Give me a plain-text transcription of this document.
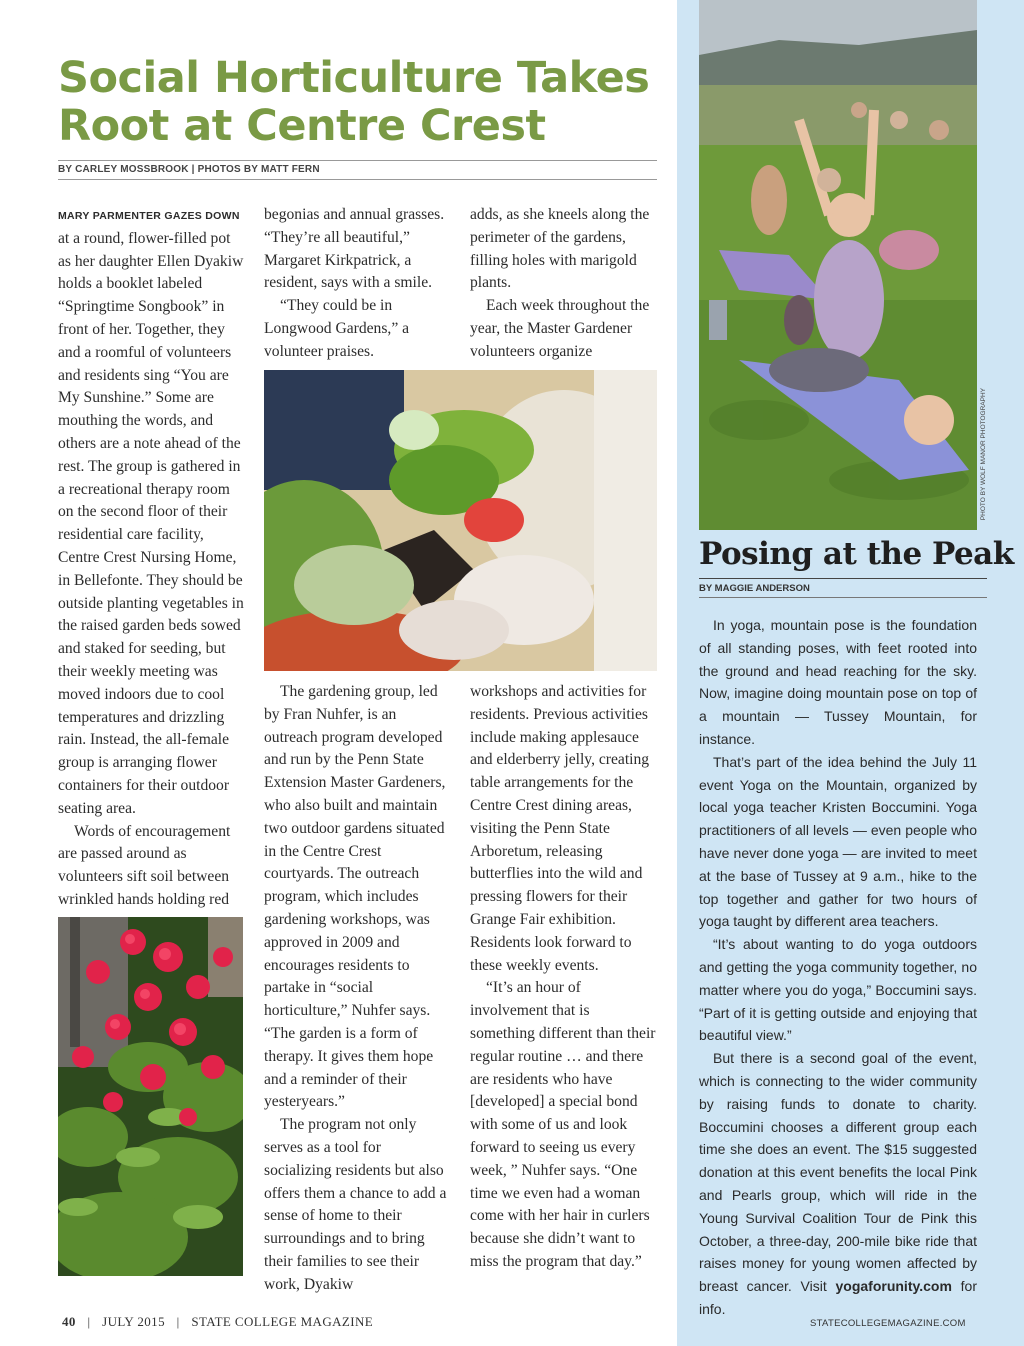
Social Horticulture Takes
Root at Centre Crest
BY CARLEY MOSSBROOK | PHOTOS BY MATT FERN

MARY PARMENTER GAZES DOWN
at a round, flower-filled pot as her daughter Ellen Dyakiw holds a booklet labeled “Springtime Songbook” in front of her. Together, they and a roomful of volunteers and residents sing “You are My Sunshine.” Some are mouthing the words, and others are a note ahead of the rest. The group is gathered in a recreational therapy room on the second floor of their residential care facility, Centre Crest Nursing Home, in Bellefonte. They should be outside planting vegetables in the raised garden beds sowed and staked for seeding, but their weekly meeting was moved indoors due to cool temperatures and drizzling rain. Instead, the all-female group is arranging flower containers for their outdoor seating area.

Words of encouragement are passed around as volunteers sift soil between wrinkled hands holding red

begonias and annual grasses. “They’re all beautiful,” Margaret Kirkpatrick, a resident, says with a smile.

“They could be in Longwood Gardens,” a volunteer praises.

adds, as she kneels along the perimeter of the gardens, filling holes with marigold plants.

Each week throughout the year, the Master Gardener volunteers organize

The gardening group, led by Fran Nuhfer, is an outreach program developed and run by the Penn State Extension Master Gardeners, who also built and maintain two outdoor gardens situated in the Centre Crest courtyards. The outreach program, which includes gardening workshops, was approved in 2009 and encourages residents to partake in “social horticulture,” Nuhfer says. “The garden is a form of therapy. It gives them hope and a reminder of their yesteryears.”

The program not only serves as a tool for socializing residents but also offers them a chance to add a sense of home to their surroundings and to bring their families to see their work, Dyakiw

workshops and activities for residents. Previous activities include making applesauce and elderberry jelly, creating table arrangements for the Centre Crest dining areas, visiting the Penn State Arboretum, releasing butterflies into the wild and pressing flowers for their Grange Fair exhibition. Residents look forward to these weekly events.

“It’s an hour of involvement that is something different than their regular routine … and there are residents who have [developed] a special bond with some of us and look forward to seeing us every week, ” Nuhfer says. “One time we even had a woman come with her hair in curlers because she didn’t want to miss the program that day.”

PHOTO BY WOLF MANOR PHOTOGRAPHY
Posing at the Peak
BY MAGGIE ANDERSON

In yoga, mountain pose is the foundation of all standing poses, with feet rooted into the ground and head reaching for the sky. Now, imagine doing mountain pose on top of a mountain — Tussey Mountain, for instance.

That’s part of the idea behind the July 11 event Yoga on the Mountain, organized by local yoga teacher Kristen Boccumini. Yoga practitioners of all levels — even people who have never done yoga — are invited to meet at the base of Tussey at 9 a.m., hike to the top together and gather for two hours of yoga taught by different area teachers.

“It’s about wanting to do yoga outdoors and getting the yoga community together, no matter where you do yoga,” Boccumini says. “Part of it is getting outside and enjoying that beautiful view.”

But there is a second goal of the event, which is connecting to the wider community by raising funds to donate to charity. Boccumini chooses a different group each time she does an event. The $15 suggested donation at this event benefits the local Pink and Pearls group, which will ride in the Young Survival Coalition Tour de Pink this October, a three-day, 200-mile bike ride that raises money for young women affected by breast cancer. Visit yogaforunity.com for info.

40 | JULY 2015 | STATE COLLEGE MAGAZINE	STATECOLLEGEMAGAZINE.COM
